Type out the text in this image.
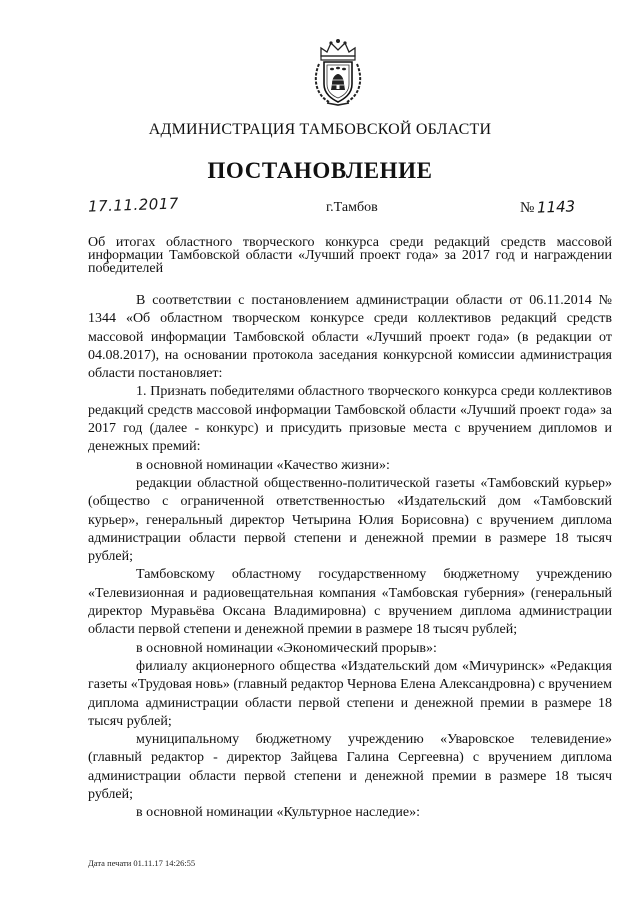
АДМИНИСТРАЦИЯ ТАМБОВСКОЙ ОБЛАСТИ
ПОСТАНОВЛЕНИЕ
17.11.2017	г.Тамбов	№ 1143
Об итогах областного творческого конкурса среди редакций средств массовой информации Тамбовской области «Лучший проект года» за 2017 год и награждении победителей

В соответствии с постановлением администрации области от 06.11.2014 № 1344 «Об областном творческом конкурсе среди коллективов редакций средств массовой информации Тамбовской области «Лучший проект года» (в редакции от 04.08.2017), на основании протокола заседания конкурсной комиссии администрация области постановляет:

1. Признать победителями областного творческого конкурса среди коллективов редакций средств массовой информации Тамбовской области «Лучший проект года» за 2017 год (далее - конкурс) и присудить призовые места с вручением дипломов и денежных премий:

в основной номинации «Качество жизни»:

редакции областной общественно-политической газеты «Тамбовский курьер» (общество с ограниченной ответственностью «Издательский дом «Тамбовский курьер», генеральный директор Четырина Юлия Борисовна) с вручением диплома администрации области первой степени и денежной премии в размере 18 тысяч рублей;

Тамбовскому областному государственному бюджетному учреждению «Телевизионная и радиовещательная компания «Тамбовская губерния» (генеральный директор Муравьёва Оксана Владимировна) с вручением диплома администрации области первой степени и денежной премии в размере 18 тысяч рублей;

в основной номинации «Экономический прорыв»:

филиалу акционерного общества «Издательский дом «Мичуринск» «Редакция газеты «Трудовая новь» (главный редактор Чернова Елена Александровна) с вручением диплома администрации области первой степени и денежной премии в размере 18 тысяч рублей;

муниципальному бюджетному учреждению «Уваровское телевидение» (главный редактор - директор Зайцева Галина Сергеевна) с вручением диплома администрации области первой степени и денежной премии в размере 18 тысяч рублей;

в основной номинации «Культурное наследие»:

Дата печати 01.11.17 14:26:55
